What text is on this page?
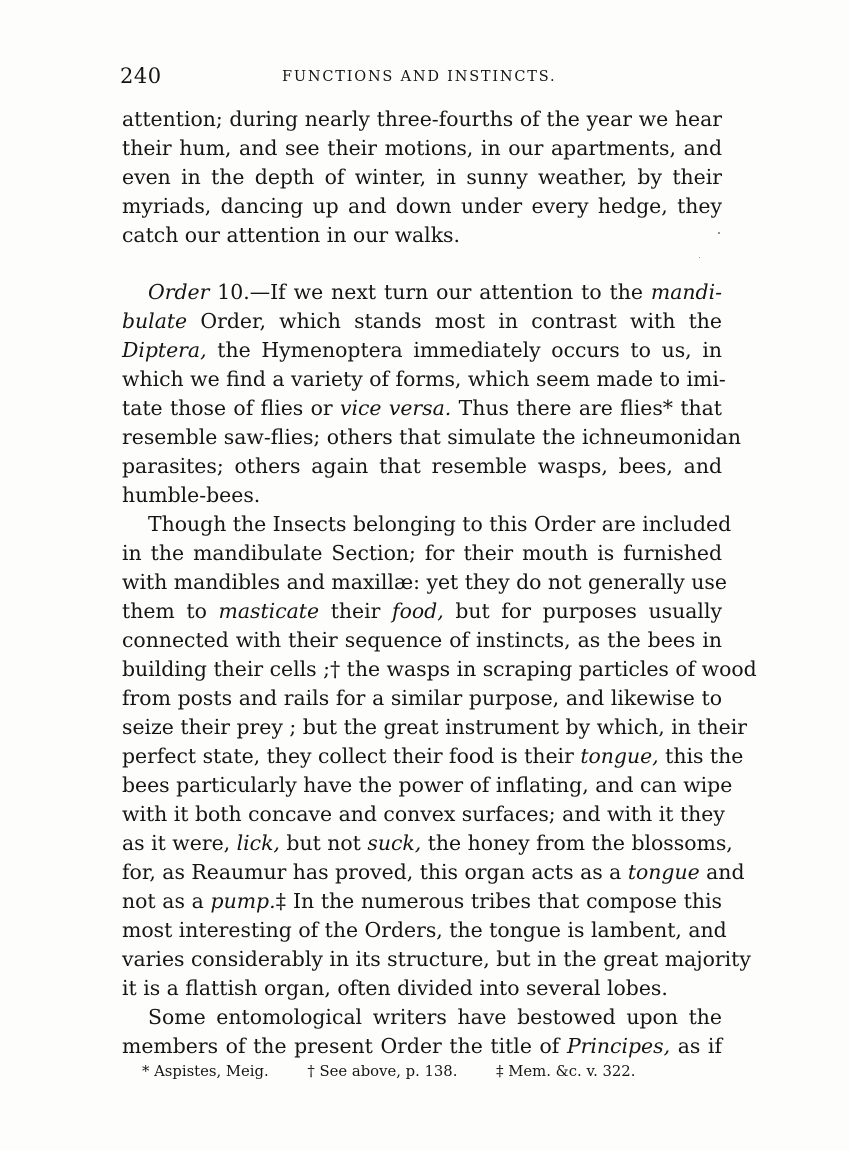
240	FUNCTIONS AND INSTINCTS.
attention; during nearly three-fourths of the year we hear
their hum, and see their motions, in our apartments, and
even in the depth of winter, in sunny weather, by their
myriads, dancing up and down under every hedge, they
catch our attention in our walks.
Order 10.—If we next turn our attention to the mandi-
bulate Order, which stands most in contrast with the
Diptera, the Hymenoptera immediately occurs to us, in
which we find a variety of forms, which seem made to imi-
tate those of flies or vice versa. Thus there are flies* that
resemble saw-flies; others that simulate the ichneumonidan
parasites; others again that resemble wasps, bees, and
humble-bees.
Though the Insects belonging to this Order are included
in the mandibulate Section; for their mouth is furnished
with mandibles and maxillæ: yet they do not generally use
them to masticate their food, but for purposes usually
connected with their sequence of instincts, as the bees in
building their cells ;† the wasps in scraping particles of wood
from posts and rails for a similar purpose, and likewise to
seize their prey ; but the great instrument by which, in their
perfect state, they collect their food is their tongue, this the
bees particularly have the power of inflating, and can wipe
with it both concave and convex surfaces; and with it they
as it were, lick, but not suck, the honey from the blossoms,
for, as Reaumur has proved, this organ acts as a tongue and
not as a pump.‡ In the numerous tribes that compose this
most interesting of the Orders, the tongue is lambent, and
varies considerably in its structure, but in the great majority
it is a flattish organ, often divided into several lobes.
Some entomological writers have bestowed upon the
members of the present Order the title of Principes, as if
* Aspistes, Meig.	† See above, p. 138.	‡ Mem. &c. v. 322.
